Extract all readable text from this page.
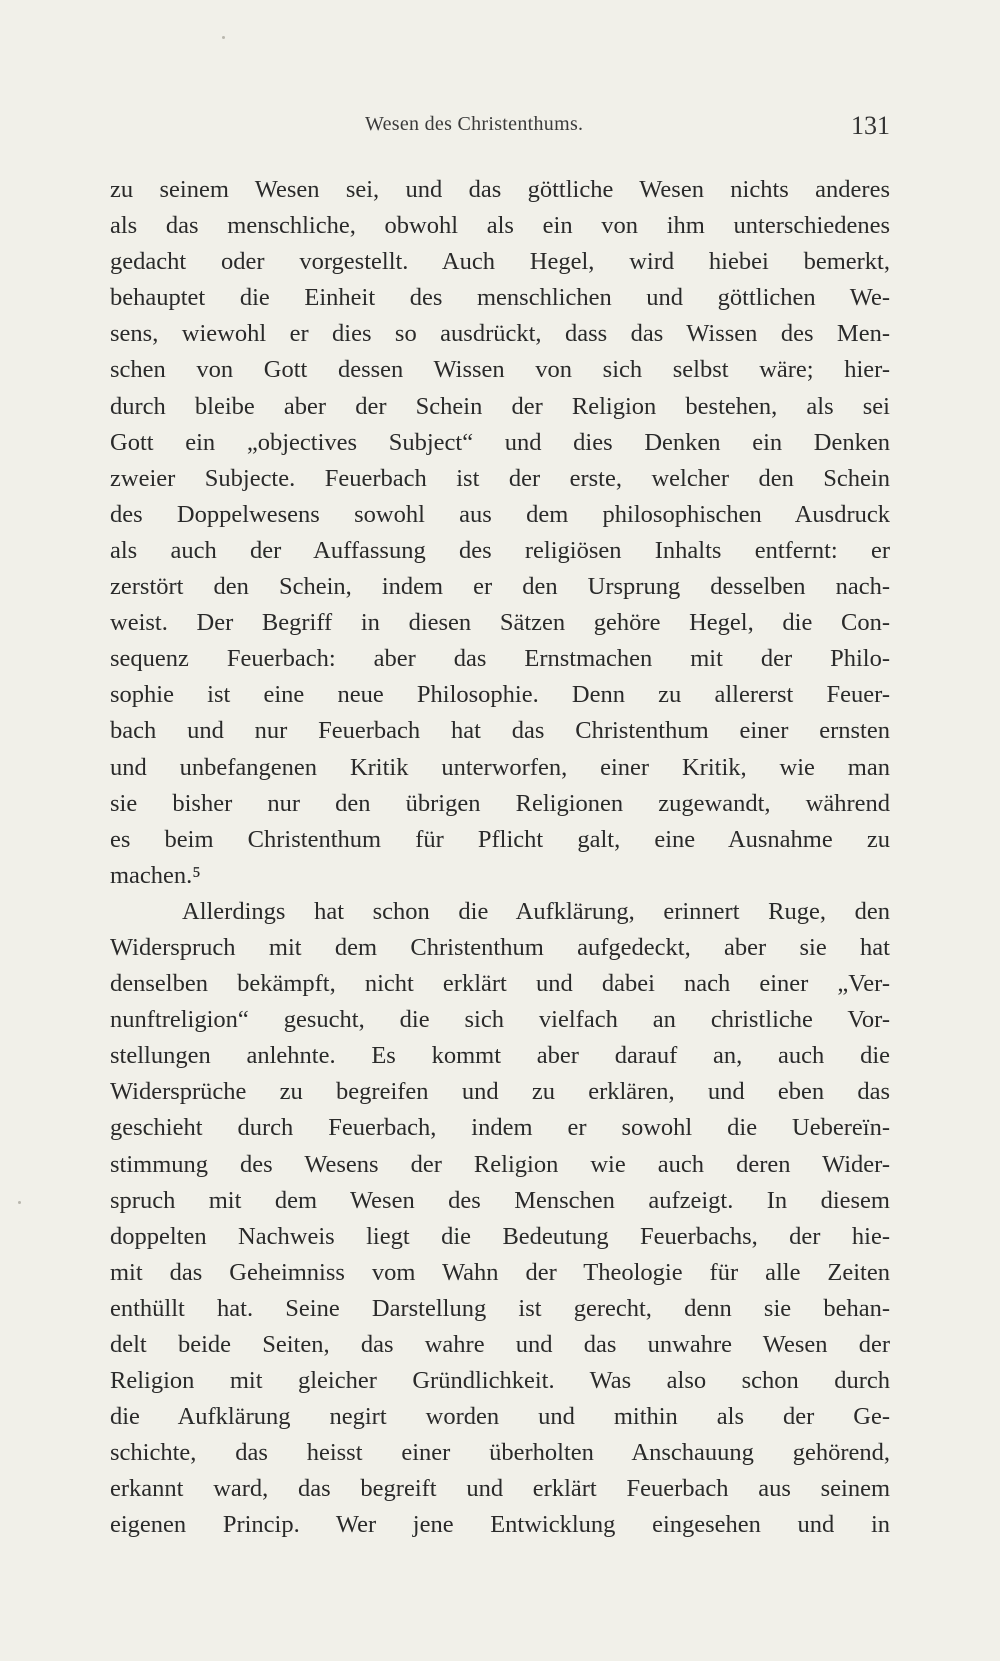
Wesen des Christenthums.	131
zu seinem Wesen sei, und das göttliche Wesen nichts anderes
als das menschliche, obwohl als ein von ihm unterschiedenes
gedacht oder vorgestellt. Auch Hegel, wird hiebei bemerkt,
behauptet die Einheit des menschlichen und göttlichen We-
sens, wiewohl er dies so ausdrückt, dass das Wissen des Men-
schen von Gott dessen Wissen von sich selbst wäre; hier-
durch bleibe aber der Schein der Religion bestehen, als sei
Gott ein „objectives Subject“ und dies Denken ein Denken
zweier Subjecte. Feuerbach ist der erste, welcher den Schein
des Doppelwesens sowohl aus dem philosophischen Ausdruck
als auch der Auffassung des religiösen Inhalts entfernt: er
zerstört den Schein, indem er den Ursprung desselben nach-
weist. Der Begriff in diesen Sätzen gehöre Hegel, die Con-
sequenz Feuerbach: aber das Ernstmachen mit der Philo-
sophie ist eine neue Philosophie. Denn zu allererst Feuer-
bach und nur Feuerbach hat das Christenthum einer ernsten
und unbefangenen Kritik unterworfen, einer Kritik, wie man
sie bisher nur den übrigen Religionen zugewandt, während
es beim Christenthum für Pflicht galt, eine Ausnahme zu
machen.⁵
Allerdings hat schon die Aufklärung, erinnert Ruge, den
Widerspruch mit dem Christenthum aufgedeckt, aber sie hat
denselben bekämpft, nicht erklärt und dabei nach einer „Ver-
nunftreligion“ gesucht, die sich vielfach an christliche Vor-
stellungen anlehnte. Es kommt aber darauf an, auch die
Widersprüche zu begreifen und zu erklären, und eben das
geschieht durch Feuerbach, indem er sowohl die Uebereïn-
stimmung des Wesens der Religion wie auch deren Wider-
spruch mit dem Wesen des Menschen aufzeigt. In diesem
doppelten Nachweis liegt die Bedeutung Feuerbachs, der hie-
mit das Geheimniss vom Wahn der Theologie für alle Zeiten
enthüllt hat. Seine Darstellung ist gerecht, denn sie behan-
delt beide Seiten, das wahre und das unwahre Wesen der
Religion mit gleicher Gründlichkeit. Was also schon durch
die Aufklärung negirt worden und mithin als der Ge-
schichte, das heisst einer überholten Anschauung gehörend,
erkannt ward, das begreift und erklärt Feuerbach aus seinem
eigenen Princip. Wer jene Entwicklung eingesehen und in
